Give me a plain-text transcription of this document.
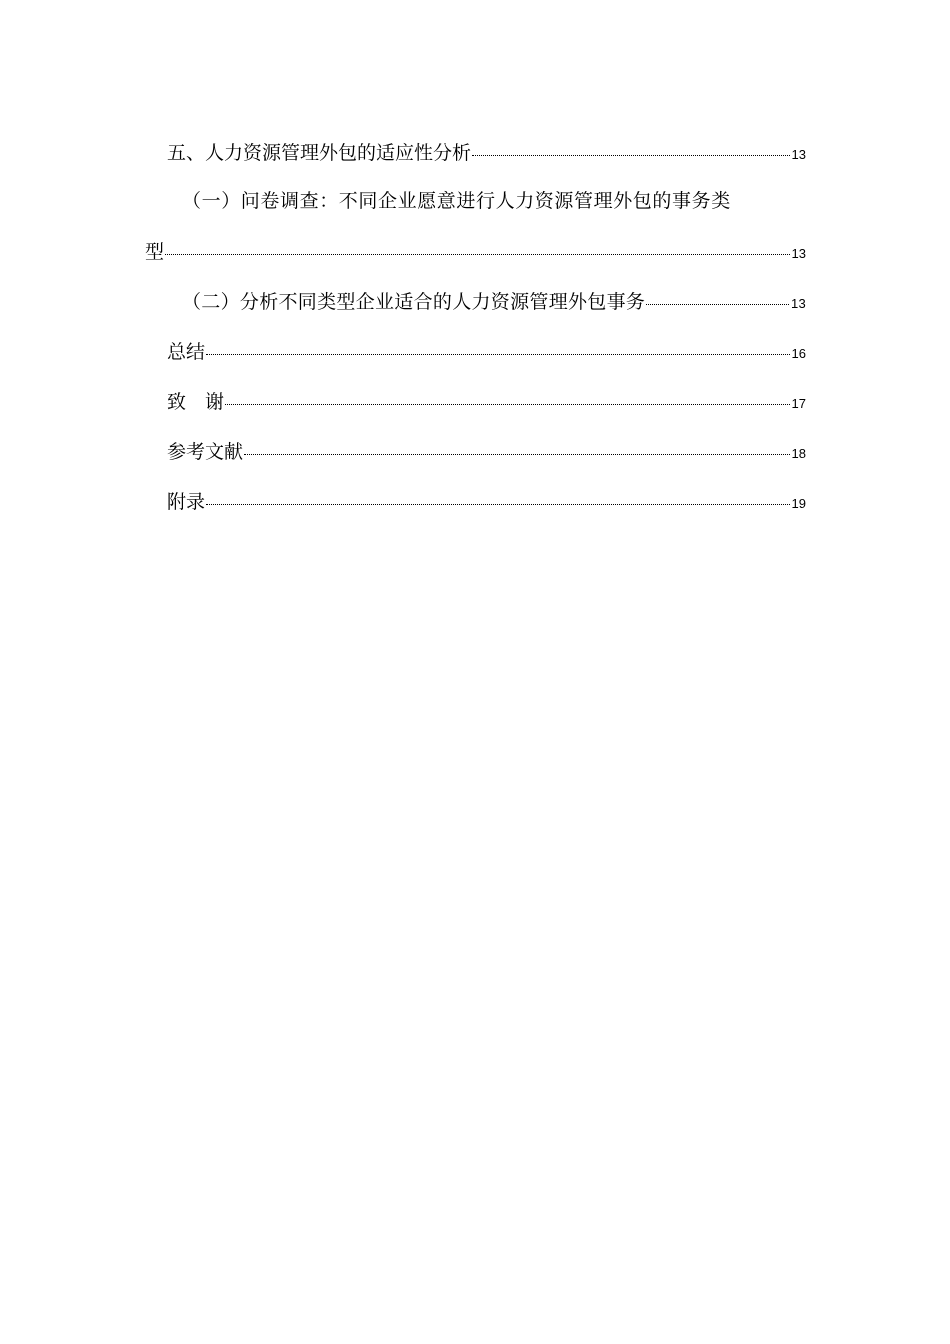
五、人力资源管理外包的适应性分析	13
（一）问卷调查：不同企业愿意进行人力资源管理外包的事务类
型	13
（二）分析不同类型企业适合的人力资源管理外包事务	13
总结	16
致　谢	17
参考文献	18
附录	19
